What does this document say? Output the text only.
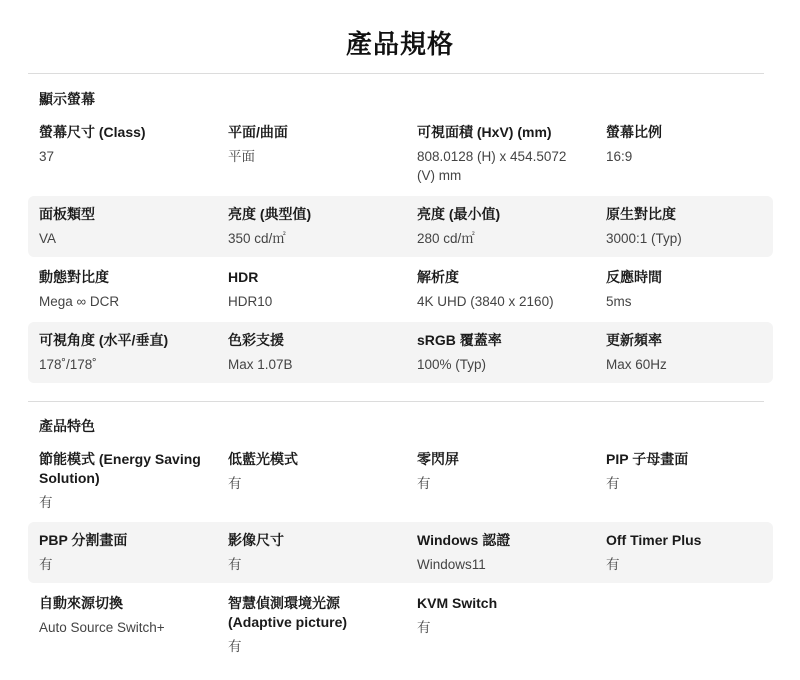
產品規格
顯示螢幕
螢幕尺寸 (Class)
37
平面/曲面
平面
可視面積 (HxV) (mm)
808.0128 (H) x 454.5072 (V) mm
螢幕比例
16:9
面板類型
VA
亮度 (典型值)
350 cd/㎡
亮度 (最小值)
280 cd/㎡
原生對比度
3000:1 (Typ)
動態對比度
Mega ∞ DCR
HDR
HDR10
解析度
4K UHD (3840 x 2160)
反應時間
5ms
可視角度 (水平/垂直)
178˚/178˚
色彩支援
Max 1.07B
sRGB 覆蓋率
100% (Typ)
更新頻率
Max 60Hz
產品特色
節能模式 (Energy Saving Solution)
有
低藍光模式
有
零閃屏
有
PIP 子母畫面
有
PBP 分割畫面
有
影像尺寸
有
Windows 認證
Windows11
Off Timer Plus
有
自動來源切換
Auto Source Switch+
智慧偵測環境光源 (Adaptive picture)
有
KVM Switch
有
